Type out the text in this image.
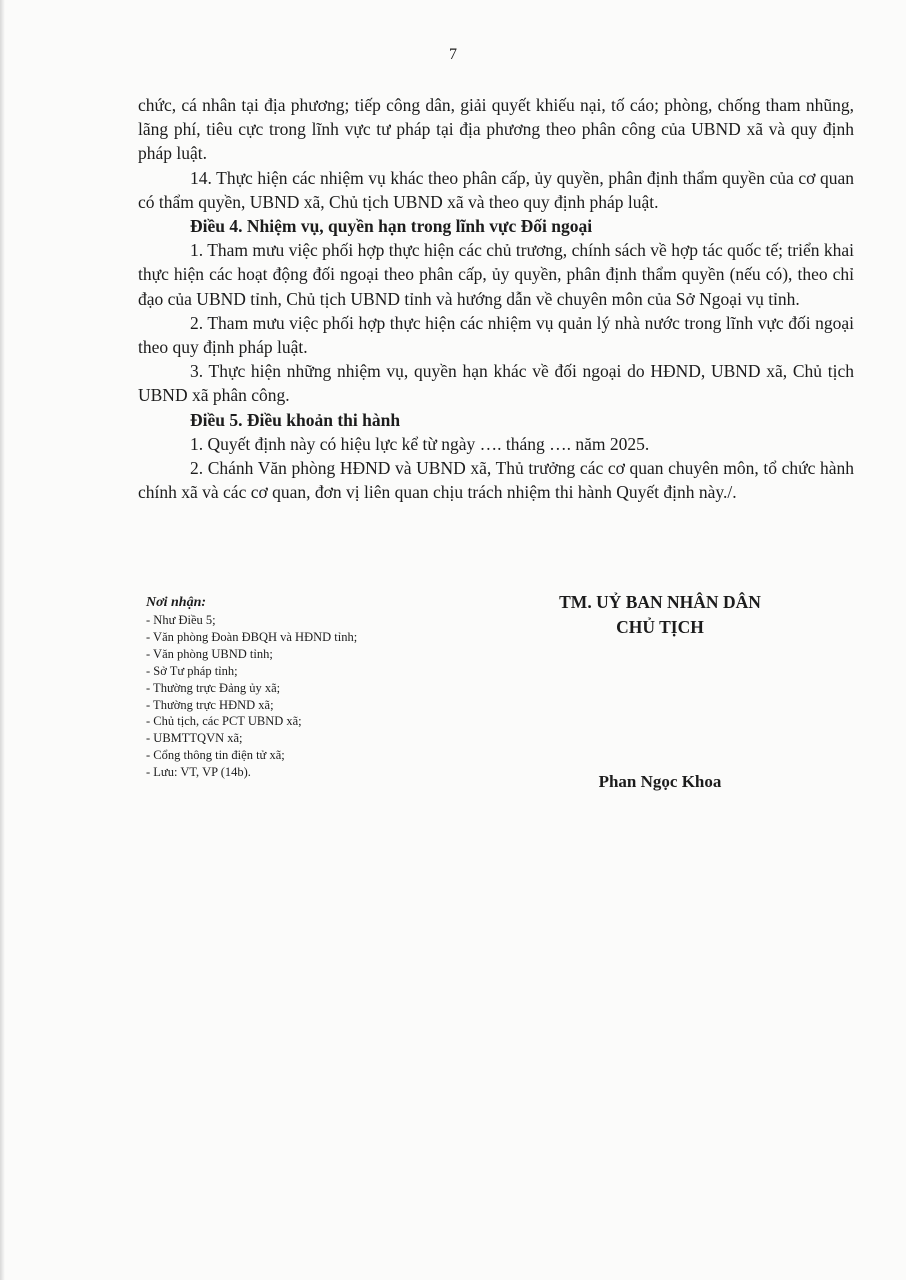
7

chức, cá nhân tại địa phương; tiếp công dân, giải quyết khiếu nại, tố cáo; phòng, chống tham nhũng, lãng phí, tiêu cực trong lĩnh vực tư pháp tại địa phương theo phân công của UBND xã và quy định pháp luật.

14. Thực hiện các nhiệm vụ khác theo phân cấp, ủy quyền, phân định thẩm quyền của cơ quan có thẩm quyền, UBND xã, Chủ tịch UBND xã và theo quy định pháp luật.

Điều 4. Nhiệm vụ, quyền hạn trong lĩnh vực Đối ngoại

1. Tham mưu việc phối hợp thực hiện các chủ trương, chính sách về hợp tác quốc tế; triển khai thực hiện các hoạt động đối ngoại theo phân cấp, ủy quyền, phân định thẩm quyền (nếu có), theo chỉ đạo của UBND tỉnh, Chủ tịch UBND tỉnh và hướng dẫn về chuyên môn của Sở Ngoại vụ tỉnh.

2. Tham mưu việc phối hợp thực hiện các nhiệm vụ quản lý nhà nước trong lĩnh vực đối ngoại theo quy định pháp luật.

3. Thực hiện những nhiệm vụ, quyền hạn khác về đối ngoại do HĐND, UBND xã, Chủ tịch UBND xã phân công.

Điều 5. Điều khoản thi hành

1. Quyết định này có hiệu lực kể từ ngày …. tháng …. năm 2025.

2. Chánh Văn phòng HĐND và UBND xã, Thủ trưởng các cơ quan chuyên môn, tổ chức hành chính xã và các cơ quan, đơn vị liên quan chịu trách nhiệm thi hành Quyết định này./.

Nơi nhận:
- Như Điều 5;
- Văn phòng Đoàn ĐBQH và HĐND tỉnh;
- Văn phòng UBND tỉnh;
- Sở Tư pháp tỉnh;
- Thường trực Đảng ủy xã;
- Thường trực HĐND xã;
- Chủ tịch, các PCT UBND xã;
- UBMTTQVN xã;
- Cổng thông tin điện tử xã;
- Lưu: VT, VP (14b).
TM. UỶ BAN NHÂN DÂN
CHỦ TỊCH
Phan Ngọc Khoa
